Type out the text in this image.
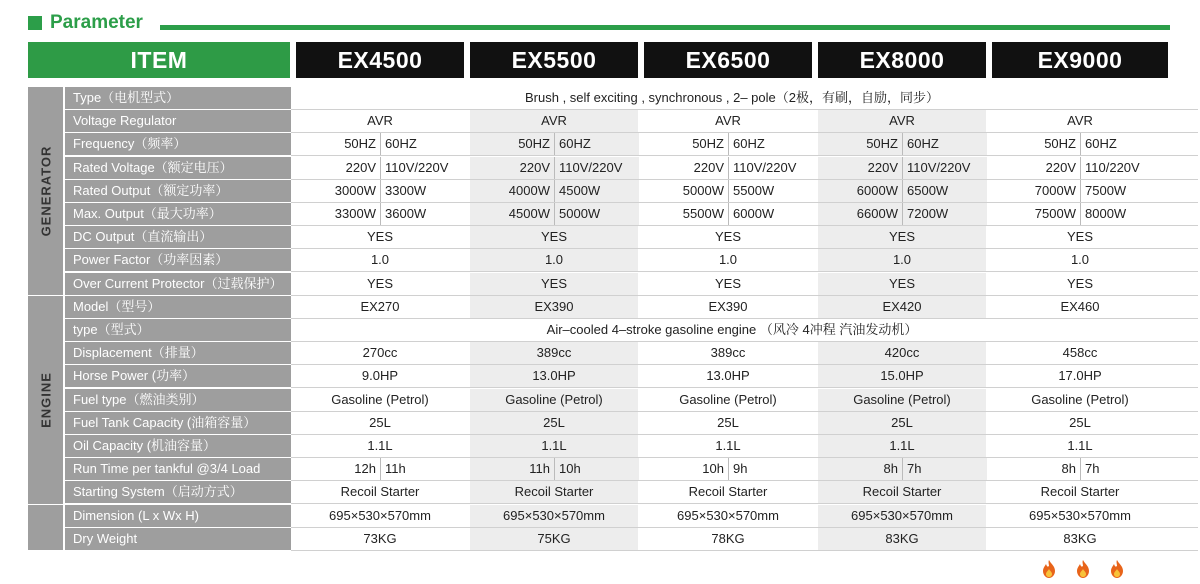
Parameter
ITEM	EX4500	EX5500	EX6500	EX8000	EX9000
GENERATOR
ENGINE
Type（电机型式）	Brush , self exciting , synchronous , 2– pole（2极，有刷，自励，同步）
Voltage Regulator	AVR	AVR	AVR	AVR	AVR
Frequency（频率）	50HZ 60HZ	50HZ 60HZ	50HZ 60HZ	50HZ 60HZ	50HZ 60HZ
Rated Voltage（额定电压）	220V 110V/220V	220V 110V/220V	220V 110V/220V	220V 110V/220V	220V 110/220V
Rated Output（额定功率）	3000W 3300W	4000W 4500W	5000W 5500W	6000W 6500W	7000W 7500W
Max. Output（最大功率）	3300W 3600W	4500W 5000W	5500W 6000W	6600W 7200W	7500W 8000W
DC Output（直流输出）	YES	YES	YES	YES	YES
Power Factor（功率因素）	1.0	1.0	1.0	1.0	1.0
Over Current Protector（过载保护）	YES	YES	YES	YES	YES
Model（型号）	EX270	EX390	EX390	EX420	EX460
type（型式）	Air–cooled 4–stroke gasoline engine （风冷 4冲程 汽油发动机）
Displacement（排量）	270cc	389cc	389cc	420cc	458cc
Horse Power (功率）	9.0HP	13.0HP	13.0HP	15.0HP	17.0HP
Fuel type（燃油类别）	Gasoline (Petrol)	Gasoline (Petrol)	Gasoline (Petrol)	Gasoline (Petrol)	Gasoline (Petrol)
Fuel Tank Capacity (油箱容量）	25L	25L	25L	25L	25L
Oil Capacity (机油容量）	1.1L	1.1L	1.1L	1.1L	1.1L
Run Time per tankful @3/4 Load	12h 11h	11h 10h	10h 9h	8h 7h	8h 7h
Starting System（启动方式）	Recoil Starter	Recoil Starter	Recoil Starter	Recoil Starter	Recoil Starter
Dimension (L x Wx H)	695×530×570mm	695×530×570mm	695×530×570mm	695×530×570mm	695×530×570mm
Dry Weight	73KG	75KG	78KG	83KG	83KG
